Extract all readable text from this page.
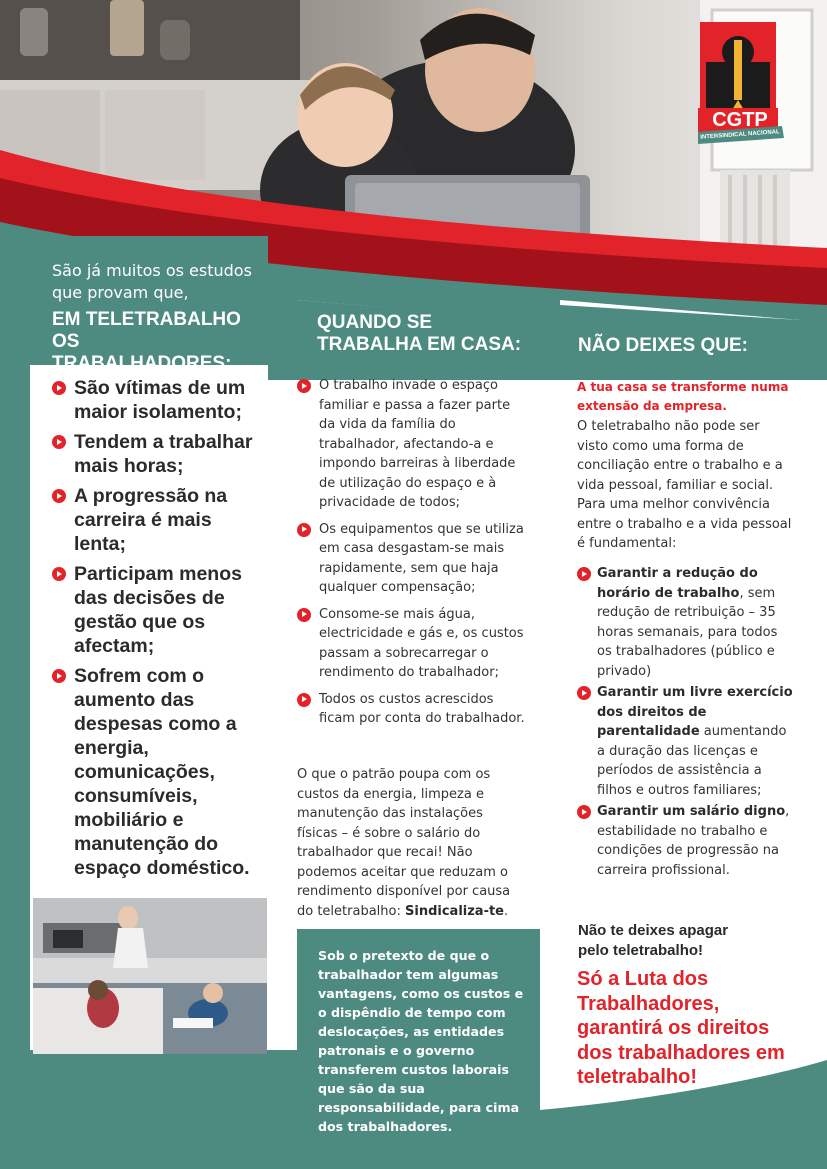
CGTP
INTERSINDICAL NACIONAL
São já muitos os estudos que provam que,
EM TELETRABALHO OS TRABALHADORES:
São vítimas de um maior isolamento;
Tendem a trabalhar mais horas;
A progressão na carreira é mais lenta;
Participam menos das decisões de gestão que os afectam;
Sofrem com o aumento das despesas como a energia, comunicações, consumíveis, mobiliário e manutenção do espaço doméstico.
QUANDO SE TRABALHA EM CASA:
O trabalho invade o espaço familiar e passa a fazer parte da vida da família do trabalhador, afectando-a e impondo barreiras à liberdade de utilização do espaço e à privacidade de todos;
Os equipamentos que se utiliza em casa desgastam-se mais rapidamente, sem que haja qualquer compensação;
Consome-se mais água, electricidade e gás e, os custos passam a sobrecarregar o rendimento do trabalhador;
Todos os custos acrescidos ficam por conta do trabalhador.
O que o patrão poupa com os custos da energia, limpeza e manutenção das instalações físicas – é sobre o salário do trabalhador que recai! Não podemos aceitar que reduzam o rendimento disponível por causa do teletrabalho: Sindicaliza-te.
Sob o pretexto de que o trabalhador tem algumas vantagens, como os custos e o dispêndio de tempo com deslocações, as entidades patronais e o governo transferem custos laborais que são da sua responsabilidade, para cima dos trabalhadores.
NÃO DEIXES QUE:
A tua casa se transforme numa extensão da empresa.
O teletrabalho não pode ser visto como uma forma de conciliação entre o trabalho e a vida pessoal, familiar e social. Para uma melhor convivência entre o trabalho e a vida pessoal é fundamental:
Garantir a redução do horário de trabalho, sem redução de retribuição – 35 horas semanais, para todos os trabalhadores (público e privado)
Garantir um livre exercício dos direitos de parentalidade aumentando a duração das licenças e períodos de assistência a filhos e outros familiares;
Garantir um salário digno, estabilidade no trabalho e condições de progressão na carreira profissional.
Não te deixes apagar pelo teletrabalho!
Só a Luta dos Trabalhadores, garantirá os direitos dos trabalhadores em teletrabalho!
